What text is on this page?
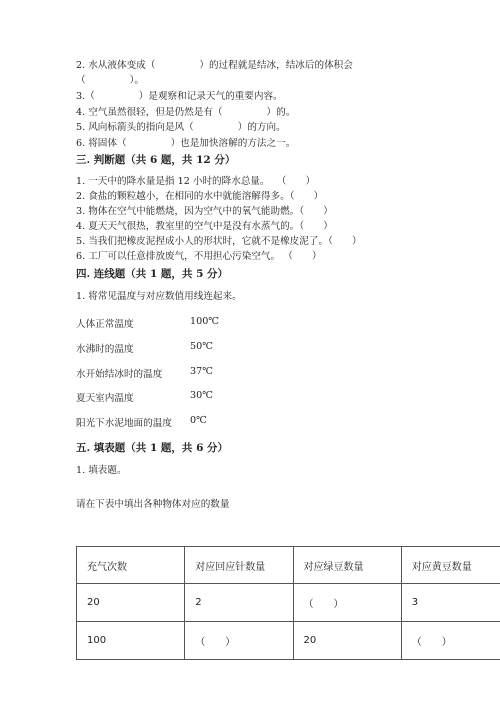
2. 水从液体变成（	）的过程就是结冰，结冰后的体积会
（	）。
3.（	）是观察和记录天气的重要内容。
4. 空气虽然很轻，但是仍然是有（	）的。
5. 风向标箭头的指向是风（	）的方向。
6. 将固体（	）也是加快溶解的方法之一。
三. 判断题（共 6 题，共 12 分）
1. 一天中的降水量是指 12 小时的降水总量。 （　　）
2. 食盐的颗粒越小，在相同的水中就能溶解得多。（　　）
3. 物体在空气中能燃烧，因为空气中的氧气能助燃。（　　）
4. 夏天天气很热，教室里的空气中是没有水蒸气的。（　　）
5. 当我们把橡皮泥捏成小人的形状时，它就不是橡皮泥了。（　　）
6. 工厂可以任意排放废气，不用担心污染空气。 （　　）
四. 连线题（共 1 题，共 5 分）
1. 将常见温度与对应数值用线连起来。
人体正常温度	100℃
水沸时的温度	50℃
水开始结冰时的温度	37℃
夏天室内温度	30℃
阳光下水泥地面的温度 0℃
五. 填表题（共 1 题，共 6 分）
1. 填表题。
请在下表中填出各种物体对应的数量
充气次数	对应回应针数量	对应绿豆数量	对应黄豆数量
20	2	（　　）	3
100	（　　）	20	（　　）
